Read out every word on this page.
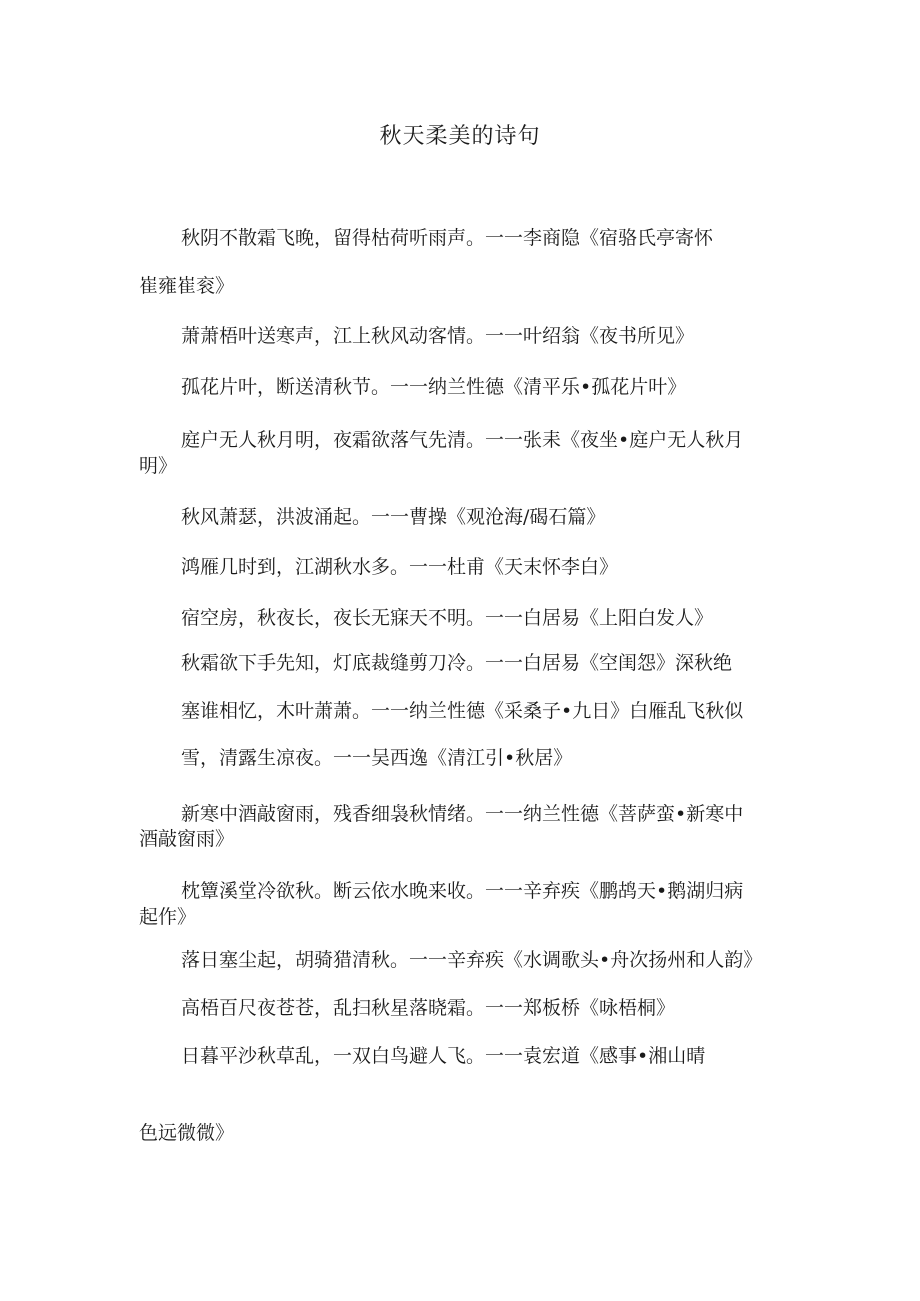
秋天柔美的诗句
秋阴不散霜飞晚，留得枯荷听雨声。一一李商隐《宿骆氏亭寄怀
崔雍崔衮》
萧萧梧叶送寒声，江上秋风动客情。一一叶绍翁《夜书所见》
孤花片叶，断送清秋节。一一纳兰性德《清平乐•孤花片叶》
庭户无人秋月明，夜霜欲落气先清。一一张耒《夜坐•庭户无人秋月
明》
秋风萧瑟，洪波涌起。一一曹操《观沧海/碣石篇》
鸿雁几时到，江湖秋水多。一一杜甫《天末怀李白》
宿空房，秋夜长，夜长无寐天不明。一一白居易《上阳白发人》
秋霜欲下手先知，灯底裁缝剪刀冷。一一白居易《空闺怨》深秋绝
塞谁相忆，木叶萧萧。一一纳兰性德《采桑子•九日》白雁乱飞秋似
雪，清露生凉夜。一一吴西逸《清江引•秋居》
新寒中酒敲窗雨，残香细袅秋情绪。一一纳兰性德《菩萨蛮•新寒中
酒敲窗雨》
枕簟溪堂冷欲秋。断云依水晚来收。一一辛弃疾《鹏鸪天•鹅湖归病
起作》
落日塞尘起，胡骑猎清秋。一一辛弃疾《水调歌头•舟次扬州和人韵》
高梧百尺夜苍苍，乱扫秋星落晓霜。一一郑板桥《咏梧桐》
日暮平沙秋草乱，一双白鸟避人飞。一一袁宏道《感事•湘山晴
色远微微》
